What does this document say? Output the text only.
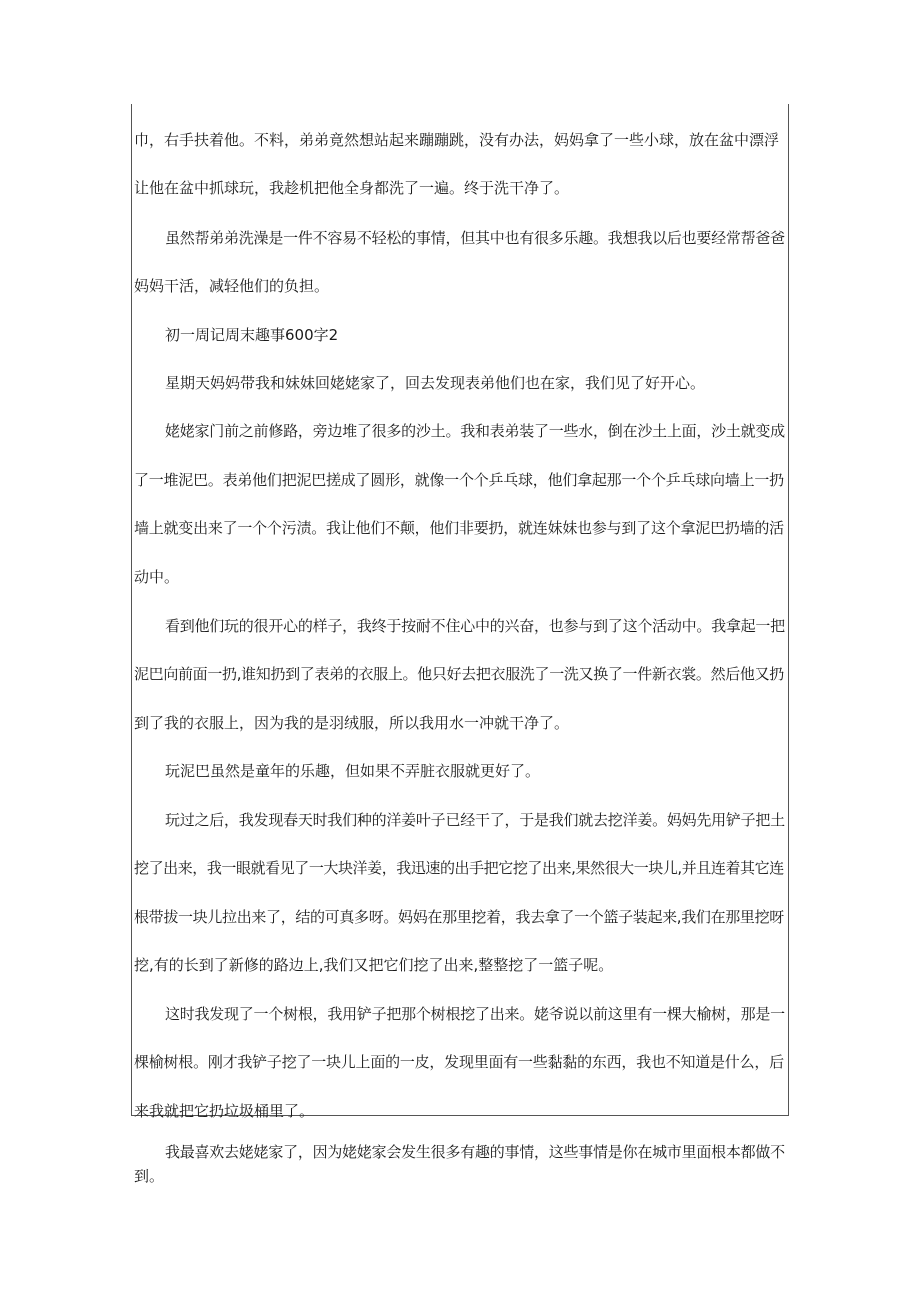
巾，右手扶着他。不料，弟弟竟然想站起来蹦蹦跳，没有办法，妈妈拿了一些小球，放在盆中漂浮
让他在盆中抓球玩，我趁机把他全身都洗了一遍。终于洗干净了。
虽然帮弟弟洗澡是一件不容易不轻松的事情，但其中也有很多乐趣。我想我以后也要经常帮爸爸
妈妈干活，减轻他们的负担。
初一周记周末趣事600字2
星期天妈妈带我和妹妹回姥姥家了，回去发现表弟他们也在家，我们见了好开心。
姥姥家门前之前修路，旁边堆了很多的沙土。我和表弟装了一些水，倒在沙土上面，沙土就变成
了一堆泥巴。表弟他们把泥巴搓成了圆形，就像一个个乒乓球，他们拿起那一个个乒乓球向墙上一扔
墙上就变出来了一个个污渍。我让他们不颠，他们非要扔，就连妹妹也参与到了这个拿泥巴扔墙的活
动中。
看到他们玩的很开心的样子，我终于按耐不住心中的兴奋，也参与到了这个活动中。我拿起一把
泥巴向前面一扔,谁知扔到了表弟的衣服上。他只好去把衣服洗了一洗又换了一件新衣裳。然后他又扔
到了我的衣服上，因为我的是羽绒服，所以我用水一冲就干净了。
玩泥巴虽然是童年的乐趣，但如果不弄脏衣服就更好了。
玩过之后，我发现春天时我们种的洋姜叶子已经干了，于是我们就去挖洋姜。妈妈先用铲子把土
挖了出来，我一眼就看见了一大块洋姜，我迅速的出手把它挖了出来,果然很大一块儿,并且连着其它连
根带拔一块儿拉出来了，结的可真多呀。妈妈在那里挖着，我去拿了一个篮子装起来,我们在那里挖呀
挖,有的长到了新修的路边上,我们又把它们挖了出来,整整挖了一篮子呢。
这时我发现了一个树根，我用铲子把那个树根挖了出来。姥爷说以前这里有一棵大榆树，那是一
棵榆树根。刚才我铲子挖了一块儿上面的一皮，发现里面有一些黏黏的东西，我也不知道是什么，后
来我就把它扔垃圾桶里了。
我最喜欢去姥姥家了，因为姥姥家会发生很多有趣的事情，这些事情是你在城市里面根本都做不
到。
